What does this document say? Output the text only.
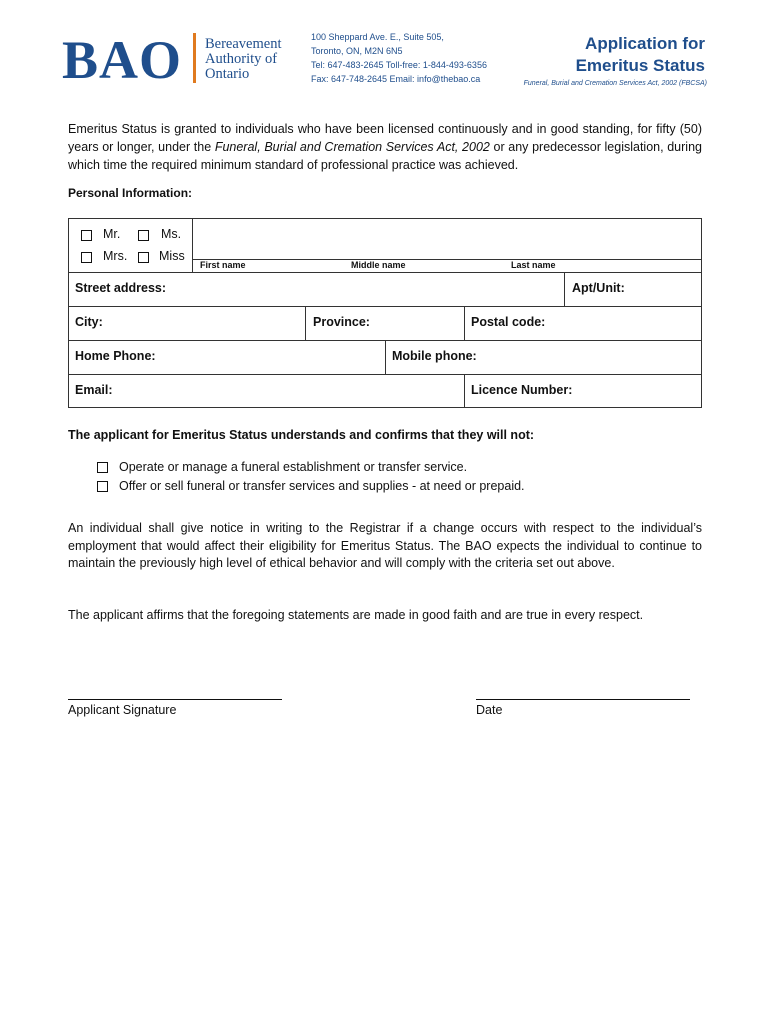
BAO Bereavement
Authority of
Ontario
100 Sheppard Ave. E., Suite 505,
Toronto, ON, M2N 6N5
Tel: 647-483-2645 Toll-free: 1-844-493-6356
Fax: 647-748-2645 Email: info@thebao.ca
Application for
Emeritus Status
Funeral, Burial and Cremation Services Act, 2002 (FBCSA)
Emeritus Status is granted to individuals who have been licensed continuously and in good standing, for fifty (50) years or longer, under the Funeral, Burial and Cremation Services Act, 2002 or any predecessor legislation, during which time the required minimum standard of professional practice was achieved.
Personal Information:
Mr.	Ms.
Mrs.	Miss
First name	Middle name	Last name
Street address:	Apt/Unit:
City:	Province:	Postal code:
Home Phone:	Mobile phone:
Email:	Licence Number:
The applicant for Emeritus Status understands and confirms that they will not:
Operate or manage a funeral establishment or transfer service.
Offer or sell funeral or transfer services and supplies - at need or prepaid.
An individual shall give notice in writing to the Registrar if a change occurs with respect to the individual’s employment that would affect their eligibility for Emeritus Status. The BAO expects the individual to continue to maintain the previously high level of ethical behavior and will comply with the criteria set out above.
The applicant affirms that the foregoing statements are made in good faith and are true in every respect.
Applicant Signature	Date
